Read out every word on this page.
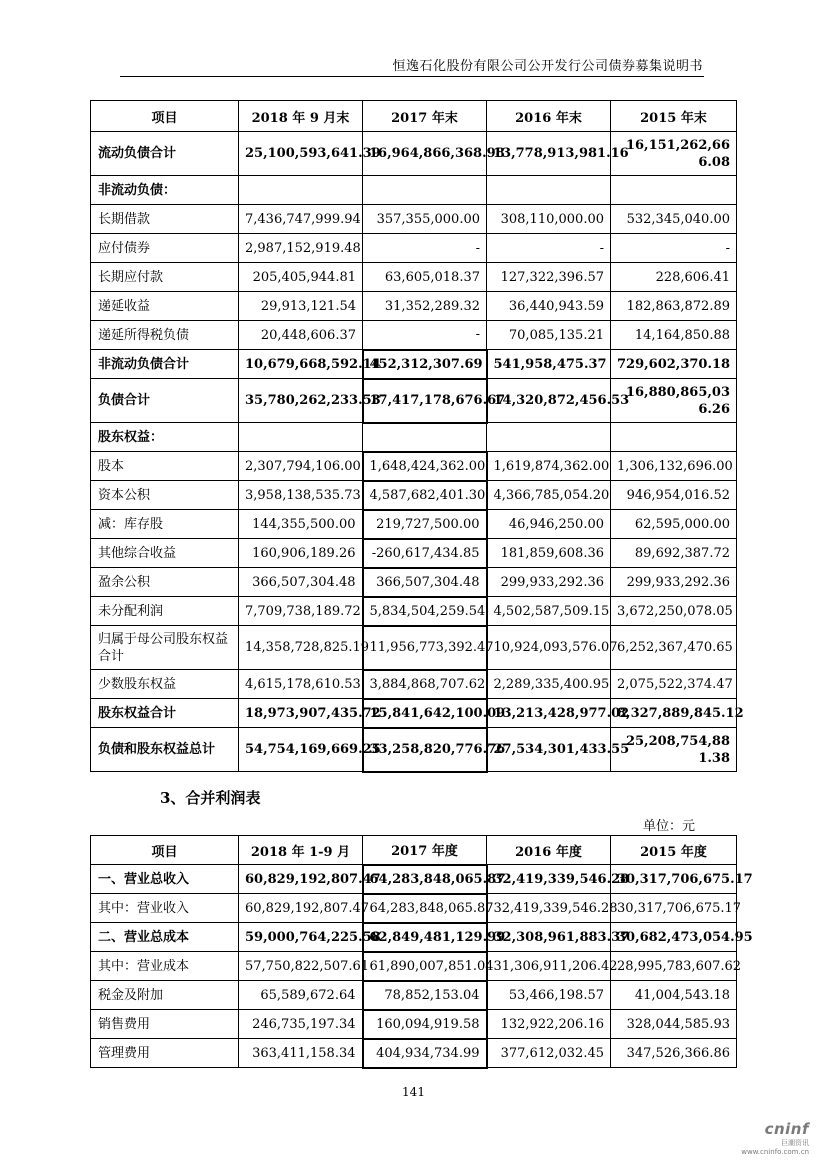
恒逸石化股份有限公司公开发行公司债券募集说明书
项目	2018 年 9 月末	2017 年末	2016 年末	2015 年末
流动负债合计	25,100,593,641.39	16,964,866,368.98	13,778,913,981.16	16,151,262,666.08
非流动负债：				
长期借款	7,436,747,999.94	357,355,000.00	308,110,000.00	532,345,040.00
应付债券	2,987,152,919.48	-	-	-
长期应付款	205,405,944.81	63,605,018.37	127,322,396.57	228,606.41
递延收益	29,913,121.54	31,352,289.32	36,440,943.59	182,863,872.89
递延所得税负债	20,448,606.37	-	70,085,135.21	14,164,850.88
非流动负债合计	10,679,668,592.14	452,312,307.69	541,958,475.37	729,602,370.18
负债合计	35,780,262,233.53	17,417,178,676.67	14,320,872,456.53	16,880,865,036.26
股东权益：				
股本	2,307,794,106.00	1,648,424,362.00	1,619,874,362.00	1,306,132,696.00
资本公积	3,958,138,535.73	4,587,682,401.30	4,366,785,054.20	946,954,016.52
减：库存股	144,355,500.00	219,727,500.00	46,946,250.00	62,595,000.00
其他综合收益	160,906,189.26	-260,617,434.85	181,859,608.36	89,692,387.72
盈余公积	366,507,304.48	366,507,304.48	299,933,292.36	299,933,292.36
未分配利润	7,709,738,189.72	5,834,504,259.54	4,502,587,509.15	3,672,250,078.05
归属于母公司股东权益合计	14,358,728,825.19	11,956,773,392.47	10,924,093,576.07	6,252,367,470.65
少数股东权益	4,615,178,610.53	3,884,868,707.62	2,289,335,400.95	2,075,522,374.47
股东权益合计	18,973,907,435.72	15,841,642,100.09	13,213,428,977.02	8,327,889,845.12
负债和股东权益总计	54,754,169,669.25	33,258,820,776.76	27,534,301,433.55	25,208,754,881.38
3、合并利润表
单位：元
项目	2018 年 1-9 月	2017 年度	2016 年度	2015 年度
一、营业总收入	60,829,192,807.47	64,283,848,065.87	32,419,339,546.28	30,317,706,675.17
其中：营业收入	60,829,192,807.47	64,283,848,065.87	32,419,339,546.28	30,317,706,675.17
二、营业总成本	59,000,764,225.58	62,849,481,129.99	32,308,961,883.37	30,682,473,054.95
其中：营业成本	57,750,822,507.61	61,890,007,851.04	31,306,911,206.42	28,995,783,607.62
税金及附加	65,589,672.64	78,852,153.04	53,466,198.57	41,004,543.18
销售费用	246,735,197.34	160,094,919.58	132,922,206.16	328,044,585.93
管理费用	363,411,158.34	404,934,734.99	377,612,032.45	347,526,366.86
141
cninf
巨潮资讯
www.cninfo.com.cn
